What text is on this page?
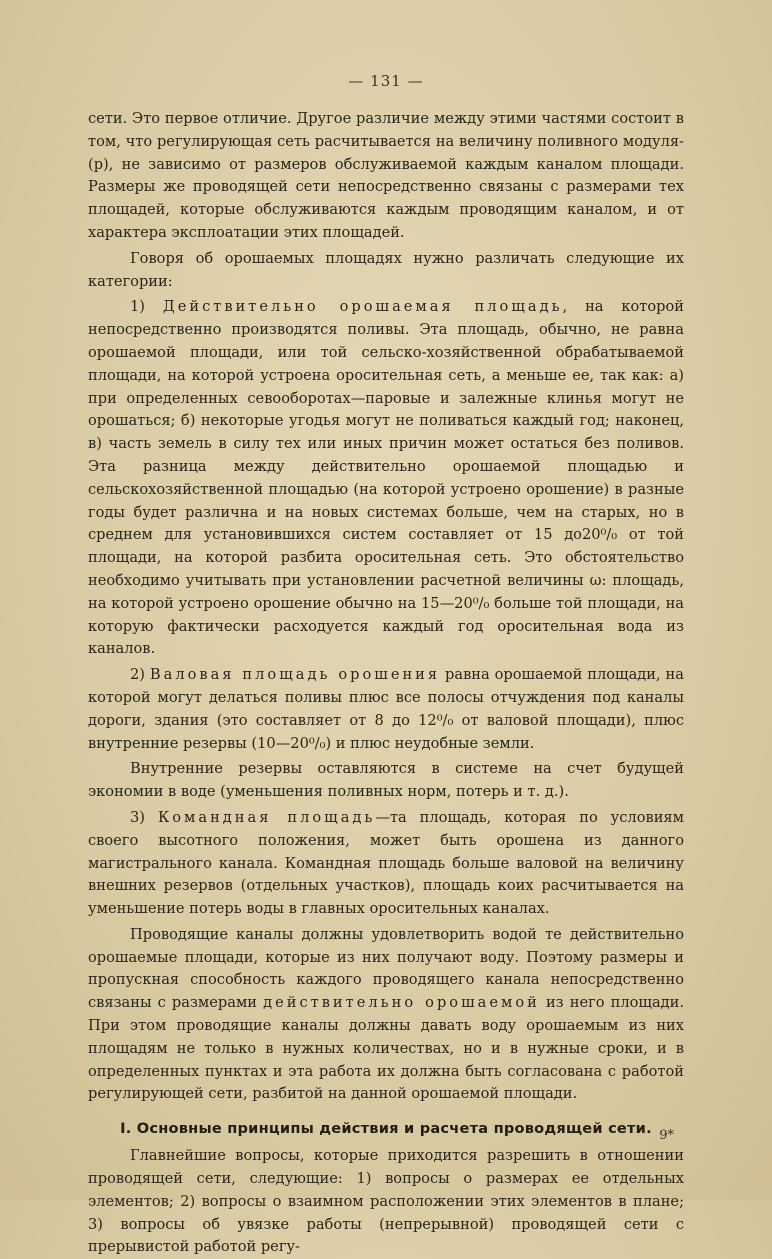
— 131 —

сети. Это первое отличие. Другое различие между этими частями состоит в том, что регулирующая сеть расчитывается на величину поливного модуля-(p), не зависимо от размеров обслуживаемой каждым каналом площади. Размеры же проводящей сети непосредственно связаны с размерами тех площадей, которые обслуживаются каждым проводящим каналом, и от характера эксплоатации этих площадей.

Говоря об орошаемых площадях нужно различать следующие их категории:

1) Действительно орошаемая площадь, на которой непосредственно производятся поливы. Эта площадь, обычно, не равна орошаемой площади, или той сельско-хозяйственной обрабатываемой площади, на которой устроена оросительная сеть, а меньше ее, так как: а) при определенных севооборотах—паровые и залежные клинья могут не орошаться; б) некоторые угодья могут не поливаться каждый год; наконец, в) часть земель в силу тех или иных причин может остаться без поливов. Эта разница между действительно орошаемой площадью и сельскохозяйственной площадью (на которой устроено орошение) в разные годы будет различна и на новых системах больше, чем на старых, но в среднем для установившихся систем составляет от 15 до20⁰/₀ от той площади, на которой разбита оросительная сеть. Это обстоятельство необходимо учитывать при установлении расчетной величины ω: площадь, на которой устроено орошение обычно на 15—20⁰/₀ больше той площади, на которую фактически расходуется каждый год оросительная вода из каналов.

2) Валовая площадь орошения равна орошаемой площади, на которой могут делаться поливы плюс все полосы отчуждения под каналы дороги, здания (это составляет от 8 до 12⁰/₀ от валовой площади), плюс внутренние резервы (10—20⁰/₀) и плюс неудобные земли.

Внутренние резервы оставляются в системе на счет будущей экономии в воде (уменьшения поливных норм, потерь и т. д.).

3) Командная площадь—та площадь, которая по условиям своего высотного положения, может быть орошена из данного магистрального канала. Командная площадь больше валовой на величину внешних резервов (отдельных участков), площадь коих расчитывается на уменьшение потерь воды в главных оросительных каналах.

Проводящие каналы должны удовлетворить водой те действительно орошаемые площади, которые из них получают воду. Поэтому размеры и пропускная способность каждого проводящего канала непосредственно связаны с размерами действительно орошаемой из него площади. При этом проводящие каналы должны давать воду орошаемым из них площадям не только в нужных количествах, но и в нужные сроки, и в определенных пунктах и эта работа их должна быть согласована с работой регулирующей сети, разбитой на данной орошаемой площади.

I. Основные принципы действия и расчета проводящей сети.

Главнейшие вопросы, которые приходится разрешить в отношении проводящей сети, следующие: 1) вопросы о размерах ее отдельных элементов; 2) вопросы о взаимном расположении этих элементов в плане; 3) вопросы об увязке работы (непрерывной) проводящей сети с прерывистой работой регу-

9*
